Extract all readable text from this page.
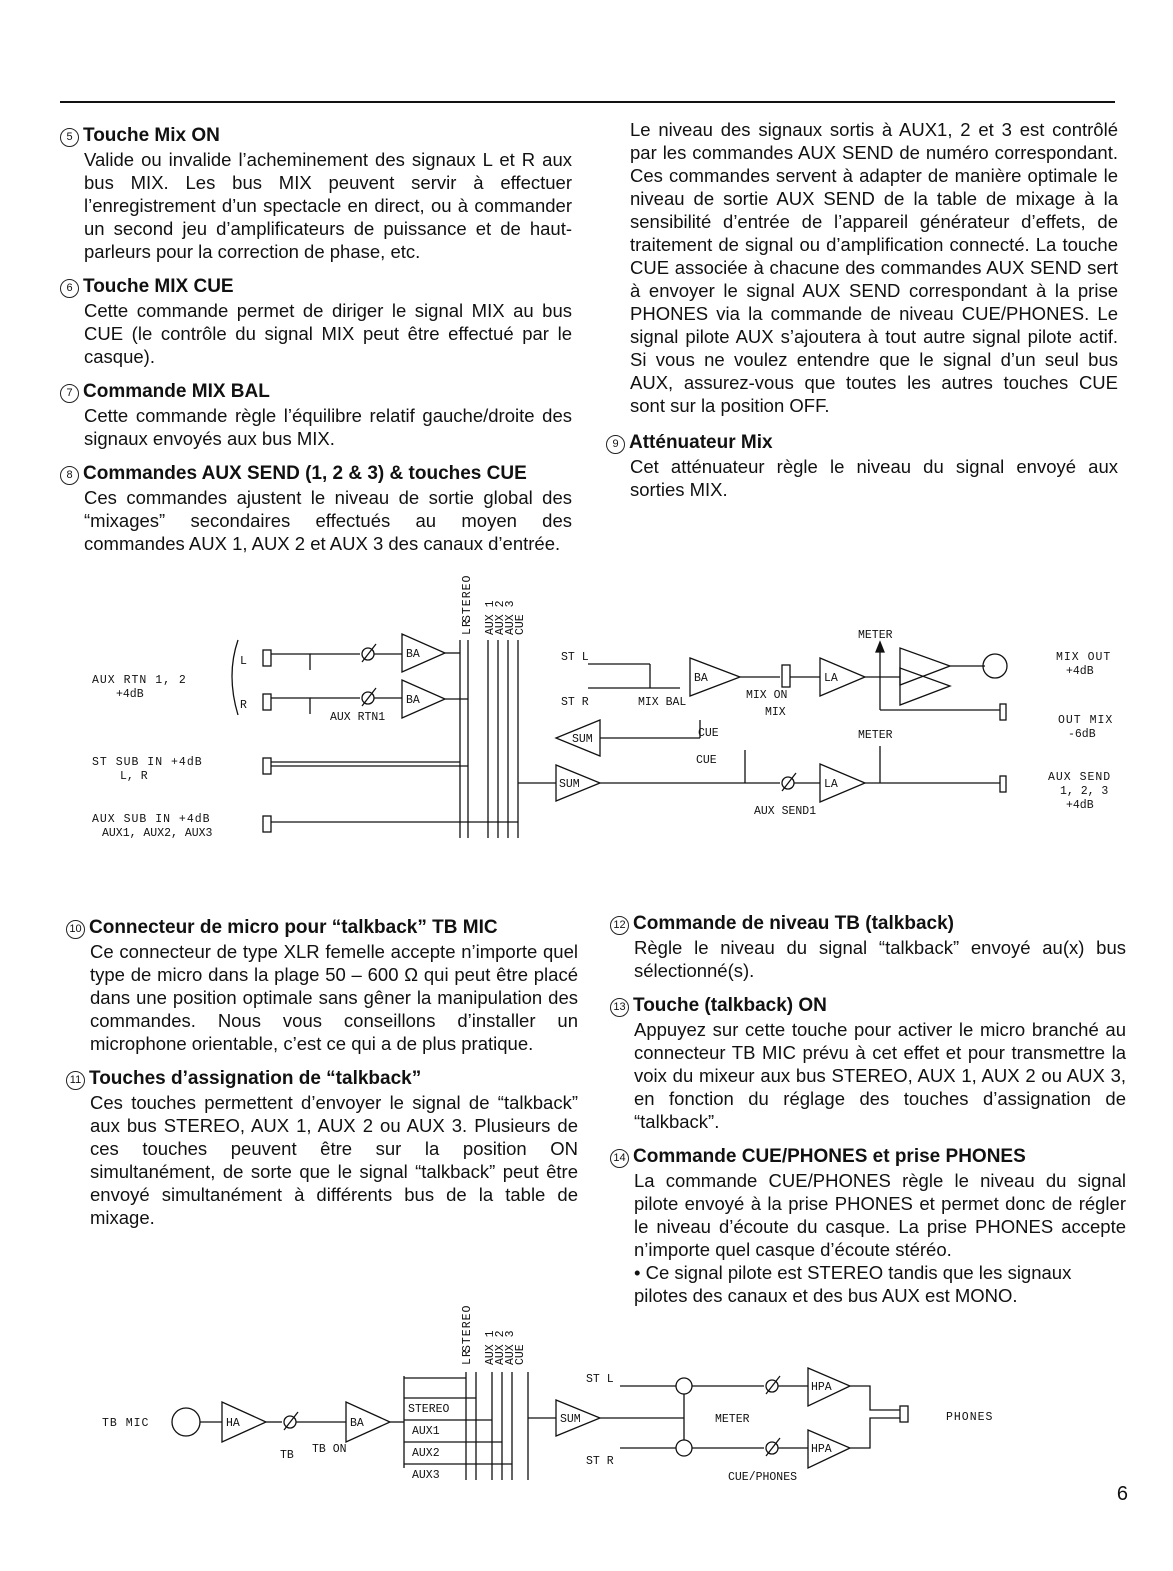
5 Touche Mix ON
Valide ou invalide l’acheminement des signaux L et R aux bus MIX. Les bus MIX peuvent servir à effectuer l’enregistrement d’un spectacle en direct, ou à commander un second jeu d’amplificateurs de puissance et de haut-parleurs pour la correction de phase, etc.
6 Touche MIX CUE
Cette commande permet de diriger le signal MIX au bus CUE (le contrôle du signal MIX peut être effectué par le casque).
7 Commande MIX BAL
Cette commande règle l’équilibre relatif gauche/droite des signaux envoyés aux bus MIX.
8 Commandes AUX SEND (1, 2 & 3) & touches CUE
Ces commandes ajustent le niveau de sortie global des “mixages” secondaires effectués au moyen des commandes AUX 1, AUX 2 et AUX 3 des canaux d’entrée.
Le niveau des signaux sortis à AUX1, 2 et 3 est contrôlé par les commandes AUX SEND de numéro correspondant. Ces commandes servent à adapter de manière optimale le niveau de sortie AUX SEND de la table de mixage à la sensibilité d’entrée de l’appareil générateur d’effets, de traitement de signal ou d’amplification connecté. La touche CUE associée à chacune des commandes AUX SEND sert à envoyer le signal AUX SEND correspondant à la prise PHONES via la commande de niveau CUE/PHONES. Le signal pilote AUX s’ajoutera à tout autre signal pilote actif. Si vous ne voulez entendre que le signal d’un seul bus AUX, assurez-vous que toutes les autres touches CUE sont sur la position OFF.
9 Atténuateur Mix
Cet atténuateur règle le niveau du signal envoyé aux sorties MIX.
L
R
STEREO AUX 1
AUX 2
AUX 3
CUE
AUX RTN 1, 2
+4dB
L
R
BA
BA
AUX RTN1
ST SUB IN +4dB
L, R
AUX SUB IN +4dB
AUX1, AUX2, AUX3
ST L
ST R	MIX BAL
BA
MIX ON
MIX
LA
METER
MIX OUT
+4dB
OUT MIX
-6dB
SUM	CUE
SUM
CUE
LA
METER
AUX SEND1
AUX SEND
1, 2, 3
+4dB
10 Connecteur de micro pour “talkback” TB MIC
Ce connecteur de type XLR femelle accepte n’importe quel type de micro dans la plage 50 – 600 Ω qui peut être placé dans une position optimale sans gêner la manipulation des commandes. Nous vous conseillons d’installer un microphone orientable, c’est ce qui a de plus pratique.
11 Touches d’assignation de “talkback”
Ces touches permettent d’envoyer le signal de “talkback” aux bus STEREO, AUX 1, AUX 2 ou AUX 3. Plusieurs de ces touches peuvent être sur la position ON simultanément, de sorte que le signal “talkback” peut être envoyé simultanément à différents bus de la table de mixage.
12 Commande de niveau TB (talkback)
Règle le niveau du signal “talkback” envoyé au(x) bus sélectionné(s).
13 Touche (talkback) ON
Appuyez sur cette touche pour activer le micro branché au connecteur TB MIC prévu à cet effet et pour transmettre la voix du mixeur aux bus STEREO, AUX 1, AUX 2 ou AUX 3, en fonction du réglage des touches d’assignation de “talkback”.
14 Commande CUE/PHONES et prise PHONES
La commande CUE/PHONES règle le niveau du signal pilote envoyé à la prise PHONES et permet donc de régler le niveau d’écoute du casque. La prise PHONES accepte n’importe quel casque d’écoute stéréo.
• Ce signal pilote est STEREO tandis que les signaux pilotes des canaux et des bus AUX est MONO.
L
R
STEREO AUX 1
AUX 2
AUX 3
CUE
TB MIC	HA
TB TB ON
BA
STEREO
AUX1
AUX2
AUX3
SUM
ST L
ST R
METER
HPA
HPA
PHONES
CUE/PHONES
6
